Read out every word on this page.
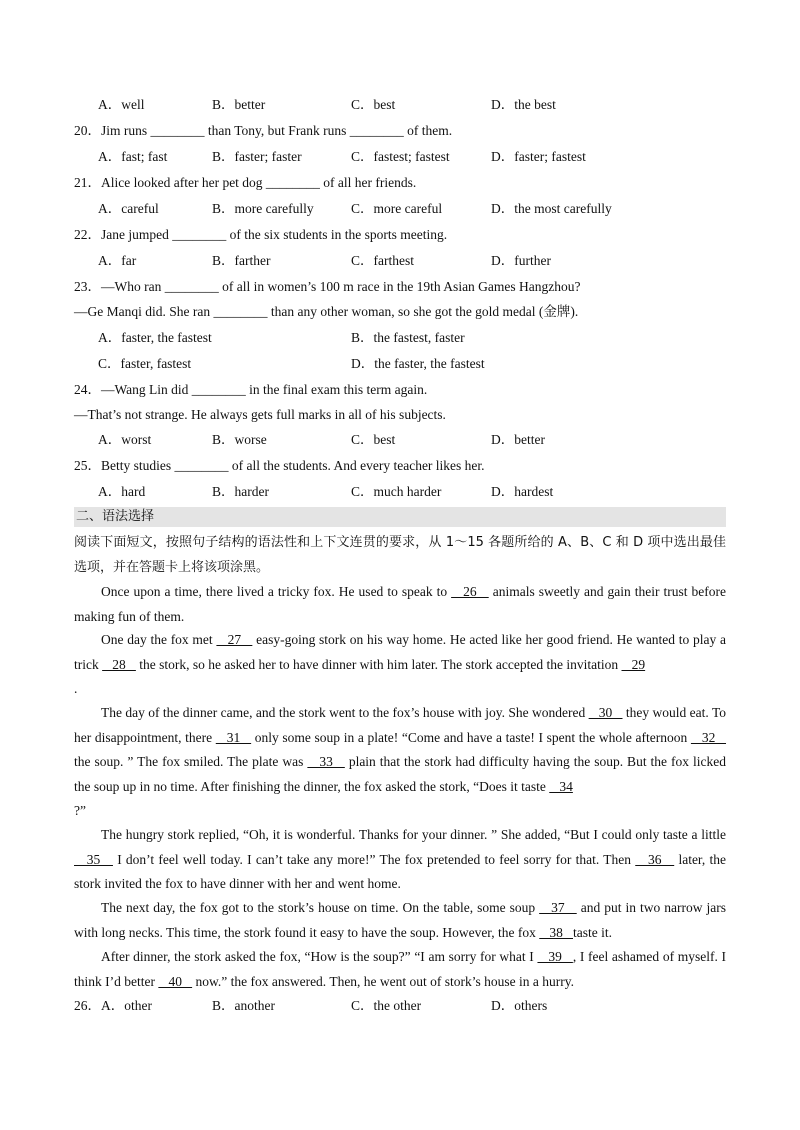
A．well	B．better	C．best	D．the best
20．Jim runs ________ than Tony, but Frank runs ________ of them.
A．fast; fast	B．faster; faster	C．fastest; fastest	D．faster; fastest
21．Alice looked after her pet dog ________ of all her friends.
A．careful	B．more carefully	C．more careful	D．the most carefully
22．Jane jumped ________ of the six students in the sports meeting.
A．far	B．farther	C．farthest	D．further
23．—Who ran ________ of all in women’s 100 m race in the 19th Asian Games Hangzhou?
—Ge Manqi did. She ran ________ than any other woman, so she got the gold medal (金牌).
A．faster, the fastest	B．the fastest, faster
C．faster, fastest	D．the faster, the fastest
24．—Wang Lin did ________ in the final exam this term again.
—That’s not strange. He always gets full marks in all of his subjects.
A．worst	B．worse	C．best	D．better
25．Betty studies ________ of all the students. And every teacher likes her.
A．hard	B．harder	C．much harder	D．hardest
二、语法选择
阅读下面短文，按照句子结构的语法性和上下文连贯的要求，从 1～15 各题所给的 A、B、C 和 D 项中选出最佳选项，并在答题卡上将该项涂黑。
Once upon a time, there lived a tricky fox. He used to speak to    26    animals sweetly and gain their trust before making fun of them.
One day the fox met    27    easy-going stork on his way home. He acted like her good friend. He wanted to play a trick    28    the stork, so he asked her to have dinner with him later. The stork accepted the invitation    29
.
The day of the dinner came, and the stork went to the fox’s house with joy. She wondered    30    they would eat. To her disappointment, there    31    only some soup in a plate! “Come and have a taste! I spent the whole afternoon    32    the soup. ” The fox smiled. The plate was    33    plain that the stork had difficulty having the soup. But the fox licked the soup up in no time. After finishing the dinner, the fox asked the stork, “Does it taste    34
?”
The hungry stork replied, “Oh, it is wonderful. Thanks for your dinner. ” She added, “But I could only taste a little    35    I don’t feel well today. I can’t take any more!” The fox pretended to feel sorry for that. Then    36    later, the stork invited the fox to have dinner with her and went home.
The next day, the fox got to the stork’s house on time. On the table, some soup    37    and put in two narrow jars with long necks. This time, the stork found it easy to have the soup. However, the fox    38   taste it.
After dinner, the stork asked the fox, “How is the soup?” “I am sorry for what I    39   , I feel ashamed of myself. I think I’d better    40    now.” the fox answered. Then, he went out of stork’s house in a hurry.
26．A．other	B．another	C．the other	D．others
